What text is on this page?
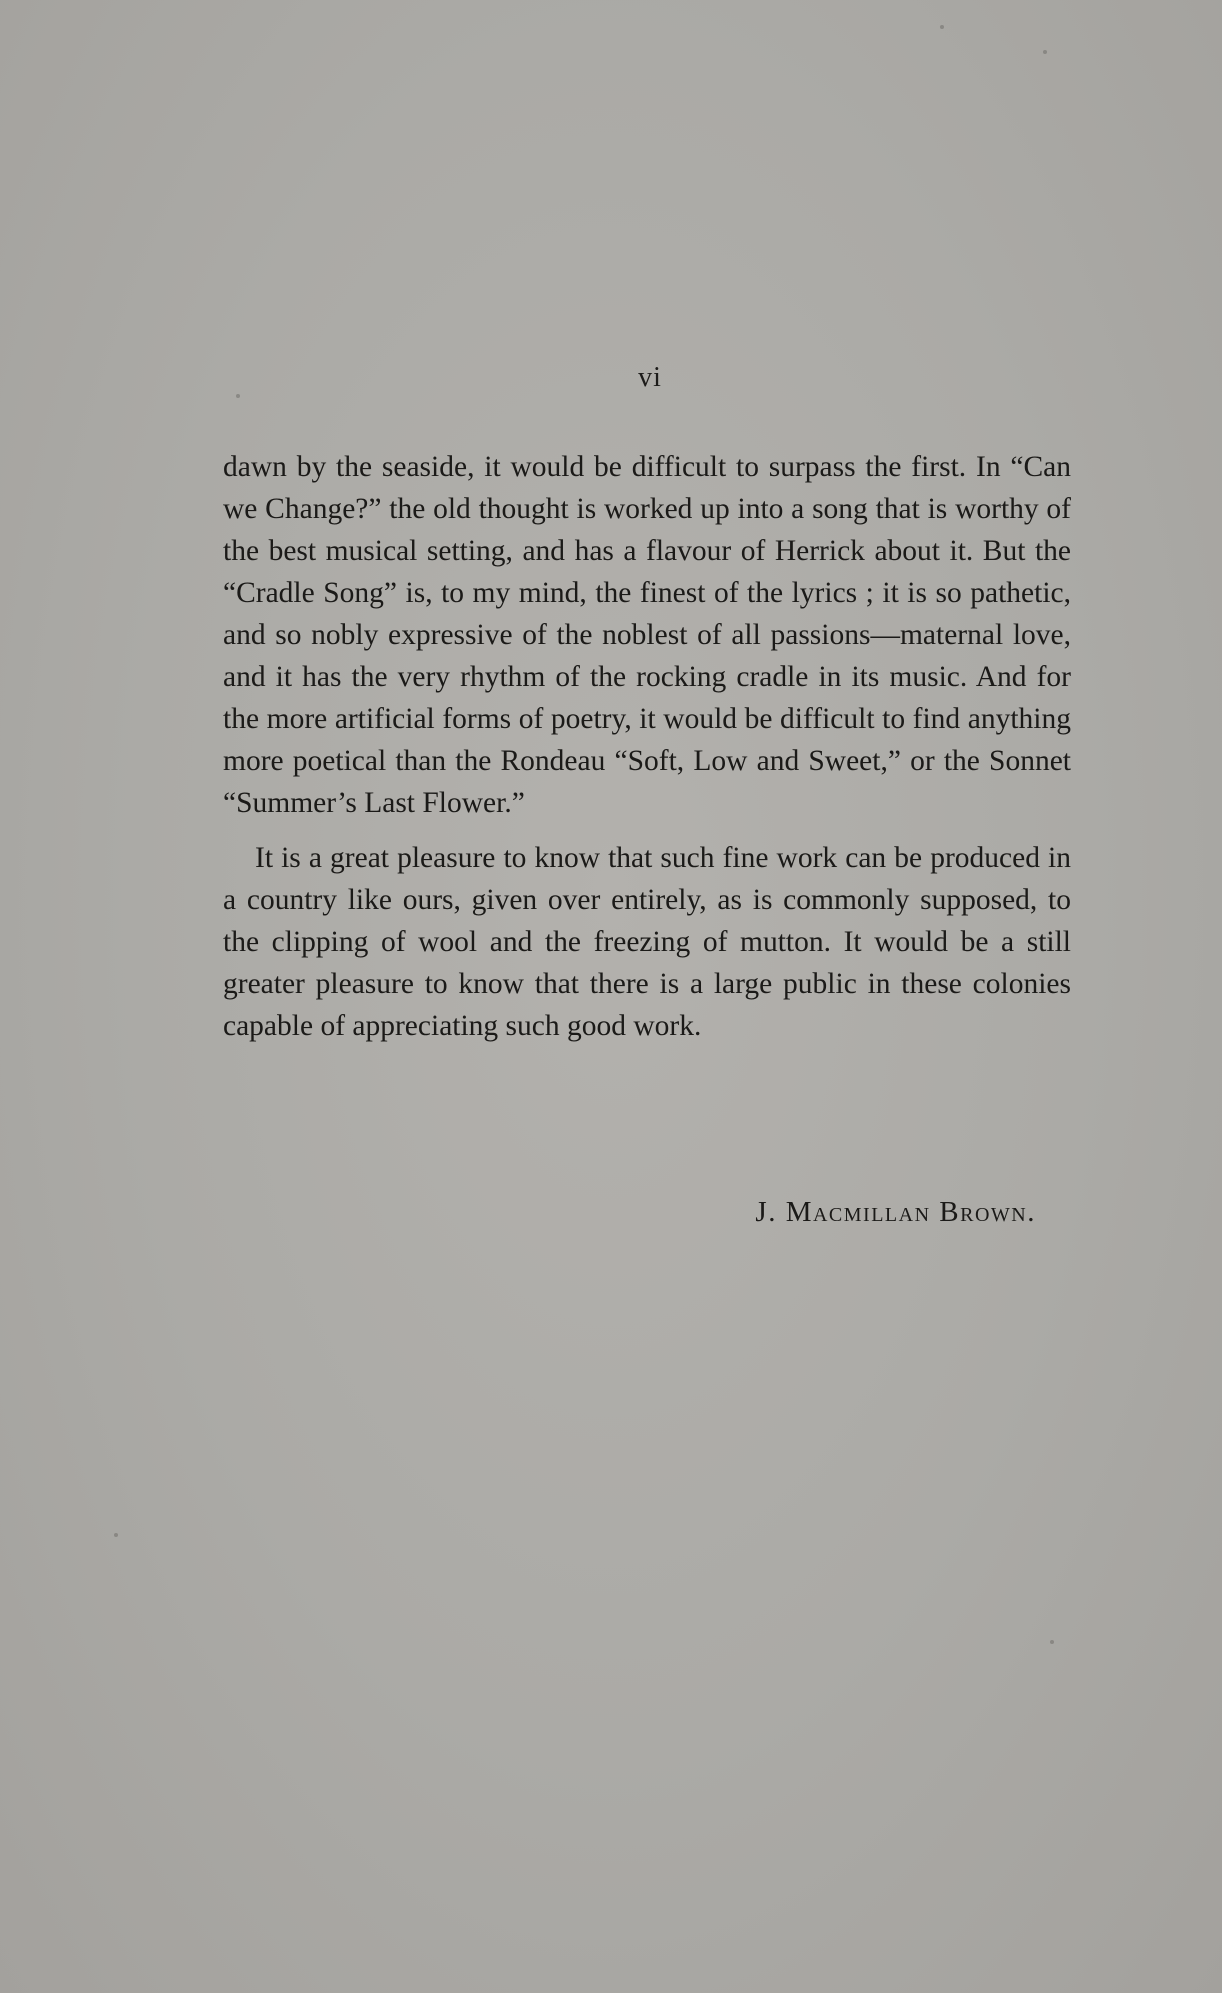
vi

dawn by the seaside, it would be difficult to surpass the first. In “Can we Change?” the old thought is worked up into a song that is worthy of the best musical setting, and has a flavour of Herrick about it. But the “Cradle Song” is, to my mind, the finest of the lyrics ; it is so pathetic, and so nobly expressive of the noblest of all passions—maternal love, and it has the very rhythm of the rocking cradle in its music. And for the more artificial forms of poetry, it would be difficult to find anything more poetical than the Rondeau “Soft, Low and Sweet,” or the Sonnet “Summer’s Last Flower.”

It is a great pleasure to know that such fine work can be produced in a country like ours, given over entirely, as is commonly supposed, to the clipping of wool and the freezing of mutton. It would be a still greater pleasure to know that there is a large public in these colonies capable of appreciating such good work.

J. Macmillan Brown.
